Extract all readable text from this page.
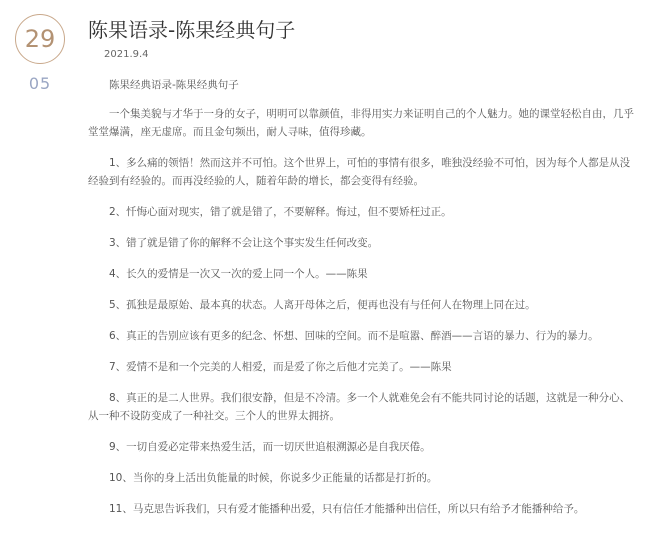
29
05
陈果语录-陈果经典句子
2021.9.4

陈果经典语录-陈果经典句子

一个集美貌与才华于一身的女子，明明可以靠颜值，非得用实力来证明自己的个人魅力。她的课堂轻松自由，几乎堂堂爆满，座无虚席。而且金句频出，耐人寻味，值得珍藏。

1、多么痛的领悟！然而这并不可怕。这个世界上，可怕的事情有很多，唯独没经验不可怕，因为每个人都是从没经验到有经验的。而再没经验的人，随着年龄的增长，都会变得有经验。

2、忏悔心面对现实，错了就是错了，不要解释。悔过，但不要矫枉过正。

3、错了就是错了你的解释不会让这个事实发生任何改变。

4、长久的爱情是一次又一次的爱上同一个人。——陈果

5、孤独是最原始、最本真的状态。人离开母体之后，便再也没有与任何人在物理上同在过。

6、真正的告别应该有更多的纪念、怀想、回味的空间。而不是喧嚣、醉酒——言语的暴力、行为的暴力。

7、爱情不是和一个完美的人相爱，而是爱了你之后他才完美了。——陈果

8、真正的是二人世界。我们很安静，但是不冷清。多一个人就难免会有不能共同讨论的话题，这就是一种分心、从一种不设防变成了一种社交。三个人的世界太拥挤。

9、一切自爱必定带来热爱生活，而一切厌世追根溯源必是自我厌倦。

10、当你的身上活出负能量的时候，你说多少正能量的话都是打折的。

11、马克思告诉我们，只有爱才能播种出爱，只有信任才能播种出信任，所以只有给予才能播种给予。
